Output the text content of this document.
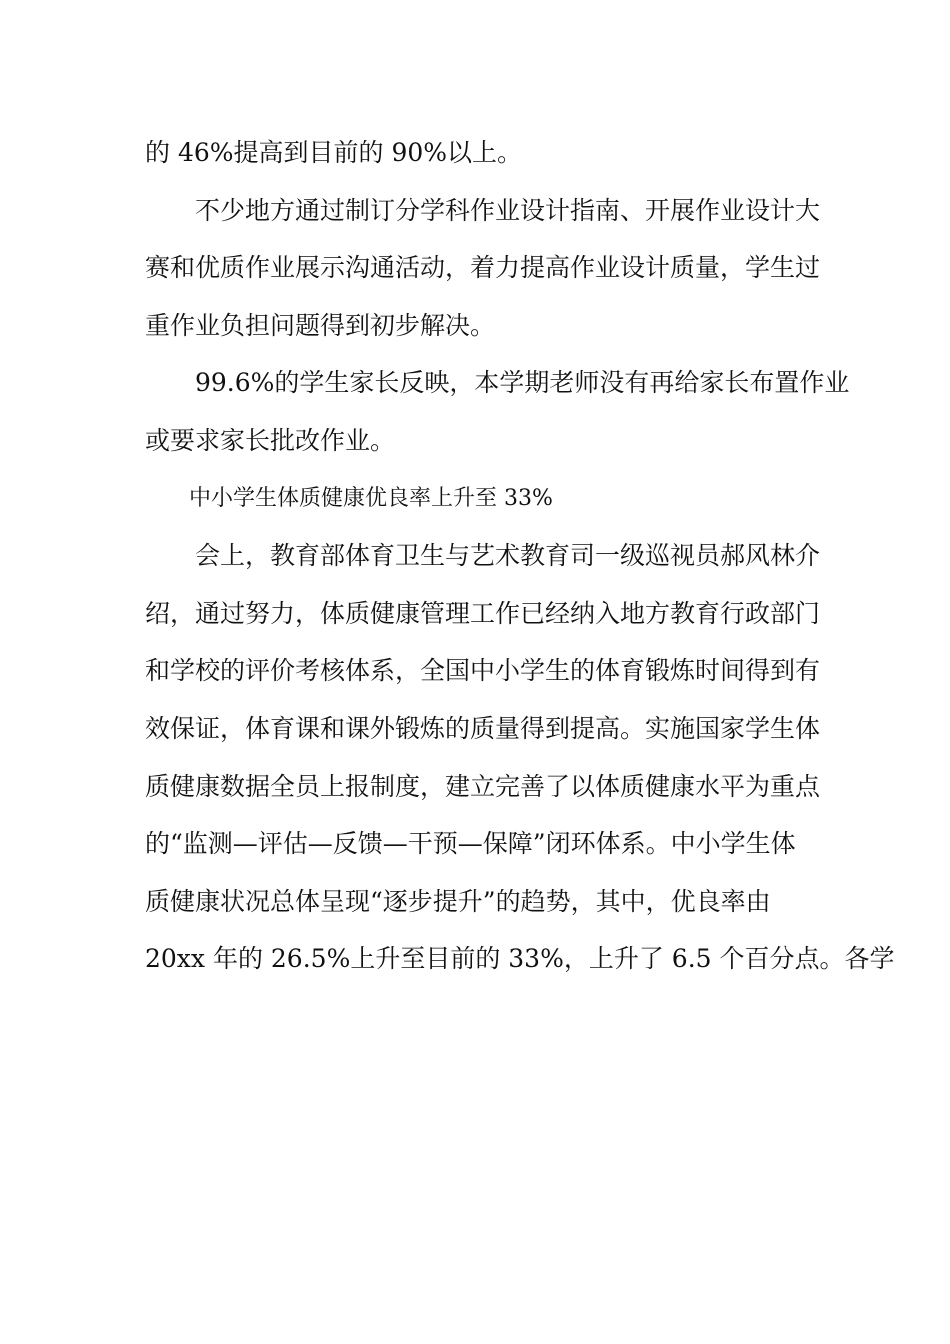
的 46%提高到目前的 90%以上。
　　不少地方通过制订分学科作业设计指南、开展作业设计大
赛和优质作业展示沟通活动，着力提高作业设计质量，学生过
重作业负担问题得到初步解决。
　　99.6%的学生家长反映，本学期老师没有再给家长布置作业
或要求家长批改作业。
　　中小学生体质健康优良率上升至 33%
　　会上，教育部体育卫生与艺术教育司一级巡视员郝风林介
绍，通过努力，体质健康管理工作已经纳入地方教育行政部门
和学校的评价考核体系，全国中小学生的体育锻炼时间得到有
效保证，体育课和课外锻炼的质量得到提高。实施国家学生体
质健康数据全员上报制度，建立完善了以体质健康水平为重点
的“监测—评估—反馈—干预—保障”闭环体系。中小学生体
质健康状况总体呈现“逐步提升”的趋势，其中，优良率由
20xx 年的 26.5%上升至目前的 33%，上升了 6.5 个百分点。各学
